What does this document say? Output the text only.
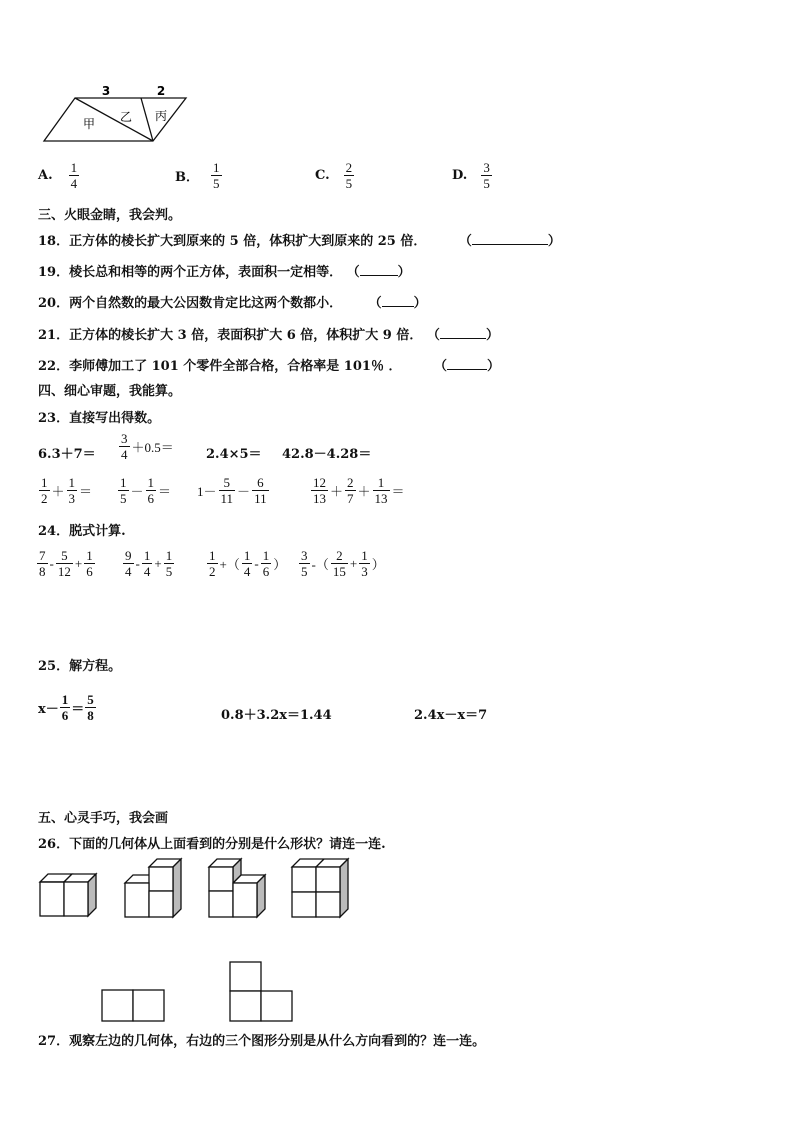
3	2
甲 乙 丙
A. $\frac{1}{4}$	B． $\frac{1}{5}$	C. $\frac{2}{5}$	D. $\frac{3}{5}$
三、火眼金睛，我会判。
18．正方体的棱长扩大到原来的 5 倍，体积扩大到原来的 25 倍．	（	）
19．棱长总和相等的两个正方体，表面积一定相等． （	）
20．两个自然数的最大公因数肯定比这两个数都小． （ ）
21．正方体的棱长扩大 3 倍，表面积扩大 6 倍，体积扩大 9 倍． （	）
22．李师傅加工了 101 个零件全部合格，合格率是 101％ ．	（	）
四、细心审题，我能算。
23．直接写出得数。
$6.3+7= \frac{3}{4} +0.5= 2.4\times 5= 42.8-4.28=$
$\frac{1}{2} + \frac{1}{3} = \frac{1}{5} - \frac{1}{6} = 1- \frac{5}{11} - \frac{6}{11}$	$\frac{12}{13} + \frac{2}{7} + \frac{1}{13}$ ＝
24．脱式计算.
$\frac{7}{8} - \frac{5}{12} + \frac{1}{6} \frac{9}{4} - \frac{1}{4} + \frac{1}{5}$	$\frac{1}{2}$ +（ $\frac{1}{4} - \frac{1}{6}$ ） $\frac{3}{5}$ -（ $\frac{2}{15} + \frac{1}{3}$ ）
25．解方程。
$x- \frac{1}{6} = \frac{5}{8}$	0.8＋3.2x＝1.44	2.4x－x＝7
五、心灵手巧，我会画
26．下面的几何体从上面看到的分别是什么形状？请连一连.
27．观察左边的几何体，右边的三个图形分别是从什么方向看到的？连一连。
